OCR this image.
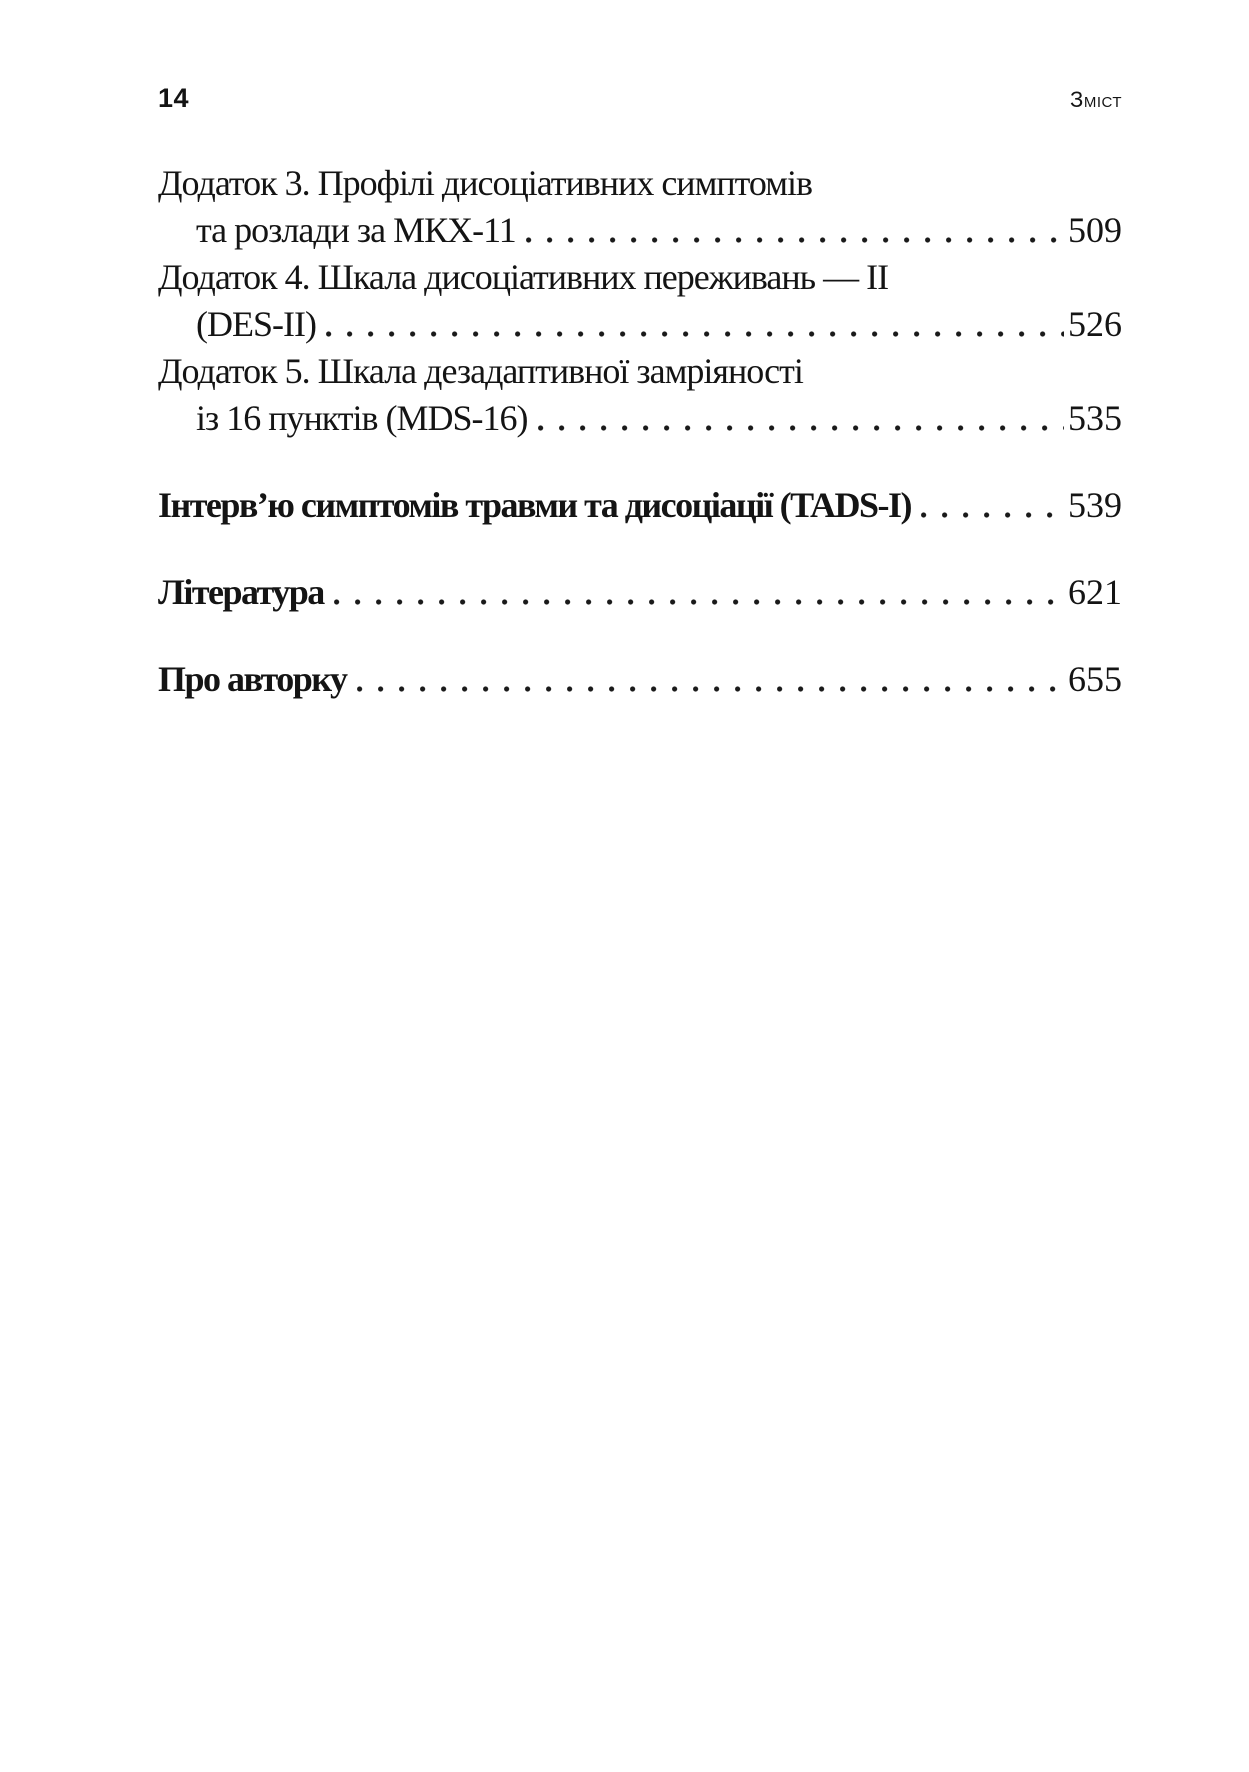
14	Зміст
Додаток 3. Профілі дисоціативних симптомів
та розлади за МКХ-11	509
Додаток 4. Шкала дисоціативних переживань — II
(DES-II)	526
Додаток 5. Шкала дезадаптивної замріяності
із 16 пунктів (MDS-16)	535
Інтерв’ю симптомів травми та дисоціації (TADS-I)	539
Література	621
Про авторку	655
